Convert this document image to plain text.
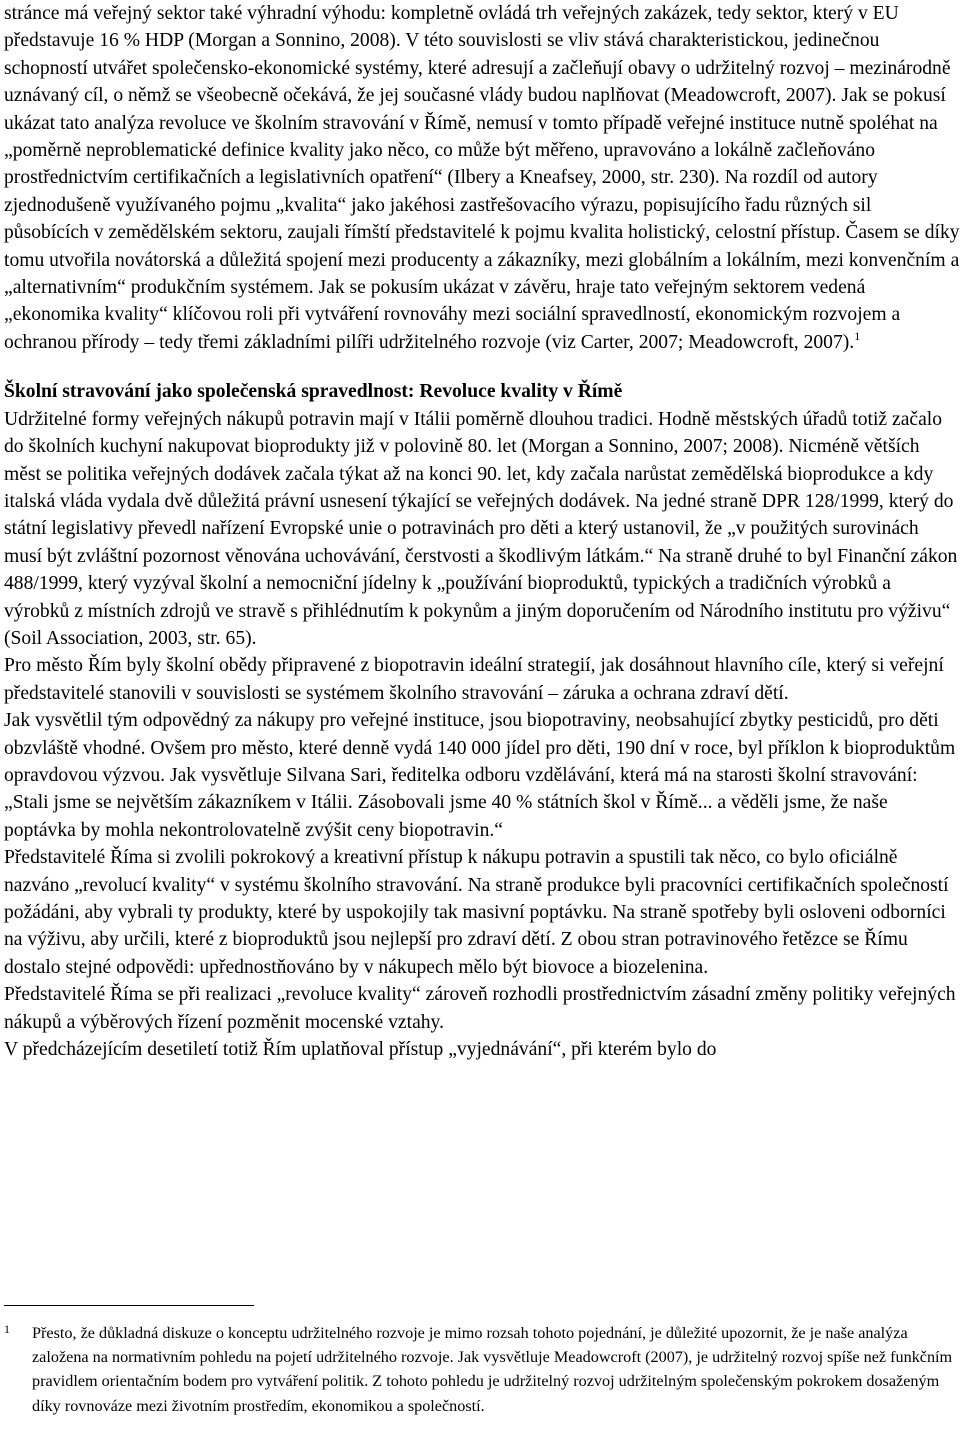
stránce má veřejný sektor také výhradní výhodu: kompletně ovládá trh veřejných zakázek, tedy sektor, který v EU představuje 16 % HDP (Morgan a Sonnino, 2008). V této souvislosti se vliv stává charakteristickou, jedinečnou schopností utvářet společensko-ekonomické systémy, které adresují a začleňují obavy o udržitelný rozvoj – mezinárodně uznávaný cíl, o němž se všeobecně očekává, že jej současné vlády budou naplňovat (Meadowcroft, 2007). Jak se pokusí ukázat tato analýza revoluce ve školním stravování v Římě, nemusí v tomto případě veřejné instituce nutně spoléhat na „poměrně neproblematické definice kvality jako něco, co může být měřeno, upravováno a lokálně začleňováno prostřednictvím certifikačních a legislativních opatření“ (Ilbery a Kneafsey, 2000, str. 230). Na rozdíl od autory zjednodušeně využívaného pojmu „kvalita“ jako jakéhosi zastřešovacího výrazu, popisujícího řadu různých sil působících v zemědělském sektoru, zaujali římští představitelé k pojmu kvalita holistický, celostní přístup. Časem se díky tomu utvořila novátorská a důležitá spojení mezi producenty a zákazníky, mezi globálním a lokálním, mezi konvenčním a „alternativním“ produkčním systémem. Jak se pokusím ukázat v závěru, hraje tato veřejným sektorem vedená „ekonomika kvality“ klíčovou roli při vytváření rovnováhy mezi sociální spravedlností, ekonomickým rozvojem a ochranou přírody – tedy třemi základními pilíři udržitelného rozvoje (viz Carter, 2007; Meadowcroft, 2007).$^1$

Školní stravování jako společenská spravedlnost: Revoluce kvality v Římě

Udržitelné formy veřejných nákupů potravin mají v Itálii poměrně dlouhou tradici. Hodně městských úřadů totiž začalo do školních kuchyní nakupovat bioprodukty již v polovině 80. let (Morgan a Sonnino, 2007; 2008). Nicméně větších měst se politika veřejných dodávek začala týkat až na konci 90. let, kdy začala narůstat zemědělská bioprodukce a kdy italská vláda vydala dvě důležitá právní usnesení týkající se veřejných dodávek. Na jedné straně DPR 128/1999, který do státní legislativy převedl nařízení Evropské unie o potravinách pro děti a který ustanovil, že „v použitých surovinách musí být zvláštní pozornost věnována uchovávání, čerstvosti a škodlivým látkám.“ Na straně druhé to byl Finanční zákon 488/1999, který vyzýval školní a nemocniční jídelny k „používání bioproduktů, typických a tradičních výrobků a výrobků z místních zdrojů ve stravě s přihlédnutím k pokynům a jiným doporučením od Národního institutu pro výživu“ (Soil Association, 2003, str. 65).

Pro město Řím byly školní obědy připravené z biopotravin ideální strategií, jak dosáhnout hlavního cíle, který si veřejní představitelé stanovili v souvislosti se systémem školního stravování – záruka a ochrana zdraví dětí.

Jak vysvětlil tým odpovědný za nákupy pro veřejné instituce, jsou biopotraviny, neobsahující zbytky pesticidů, pro děti obzvláště vhodné. Ovšem pro město, které denně vydá 140 000 jídel pro děti, 190 dní v roce, byl příklon k bioproduktům opravdovou výzvou. Jak vysvětluje Silvana Sari, ředitelka odboru vzdělávání, která má na starosti školní stravování:

„Stali jsme se největším zákazníkem v Itálii. Zásobovali jsme 40 % státních škol v Římě... a věděli jsme, že naše poptávka by mohla nekontrolovatelně zvýšit ceny biopotravin.“

Představitelé Říma si zvolili pokrokový a kreativní přístup k nákupu potravin a spustili tak něco, co bylo oficiálně nazváno „revolucí kvality“ v systému školního stravování. Na straně produkce byli pracovníci certifikačních společností požádáni, aby vybrali ty produkty, které by uspokojily tak masivní poptávku. Na straně spotřeby byli osloveni odborníci na výživu, aby určili, které z bioproduktů jsou nejlepší pro zdraví dětí. Z obou stran potravinového řetězce se Římu dostalo stejné odpovědi: upřednostňováno by v nákupech mělo být biovoce a biozelenina.

Představitelé Říma se při realizaci „revoluce kvality“ zároveň rozhodli prostřednictvím zásadní změny politiky veřejných nákupů a výběrových řízení pozměnit mocenské vztahy.

V předcházejícím desetiletí totiž Řím uplatňoval přístup „vyjednávání“, při kterém bylo do

1	Přesto, že důkladná diskuze o konceptu udržitelného rozvoje je mimo rozsah tohoto pojednání, je důležité upozornit, že je naše analýza založena na normativním pohledu na pojetí udržitelného rozvoje. Jak vysvětluje Meadowcroft (2007), je udržitelný rozvoj spíše než funkčním pravidlem orientačním bodem pro vytváření politik. Z tohoto pohledu je udržitelný rozvoj udržitelným společenským pokrokem dosaženým díky rovnováze mezi životním prostředím, ekonomikou a společností.
